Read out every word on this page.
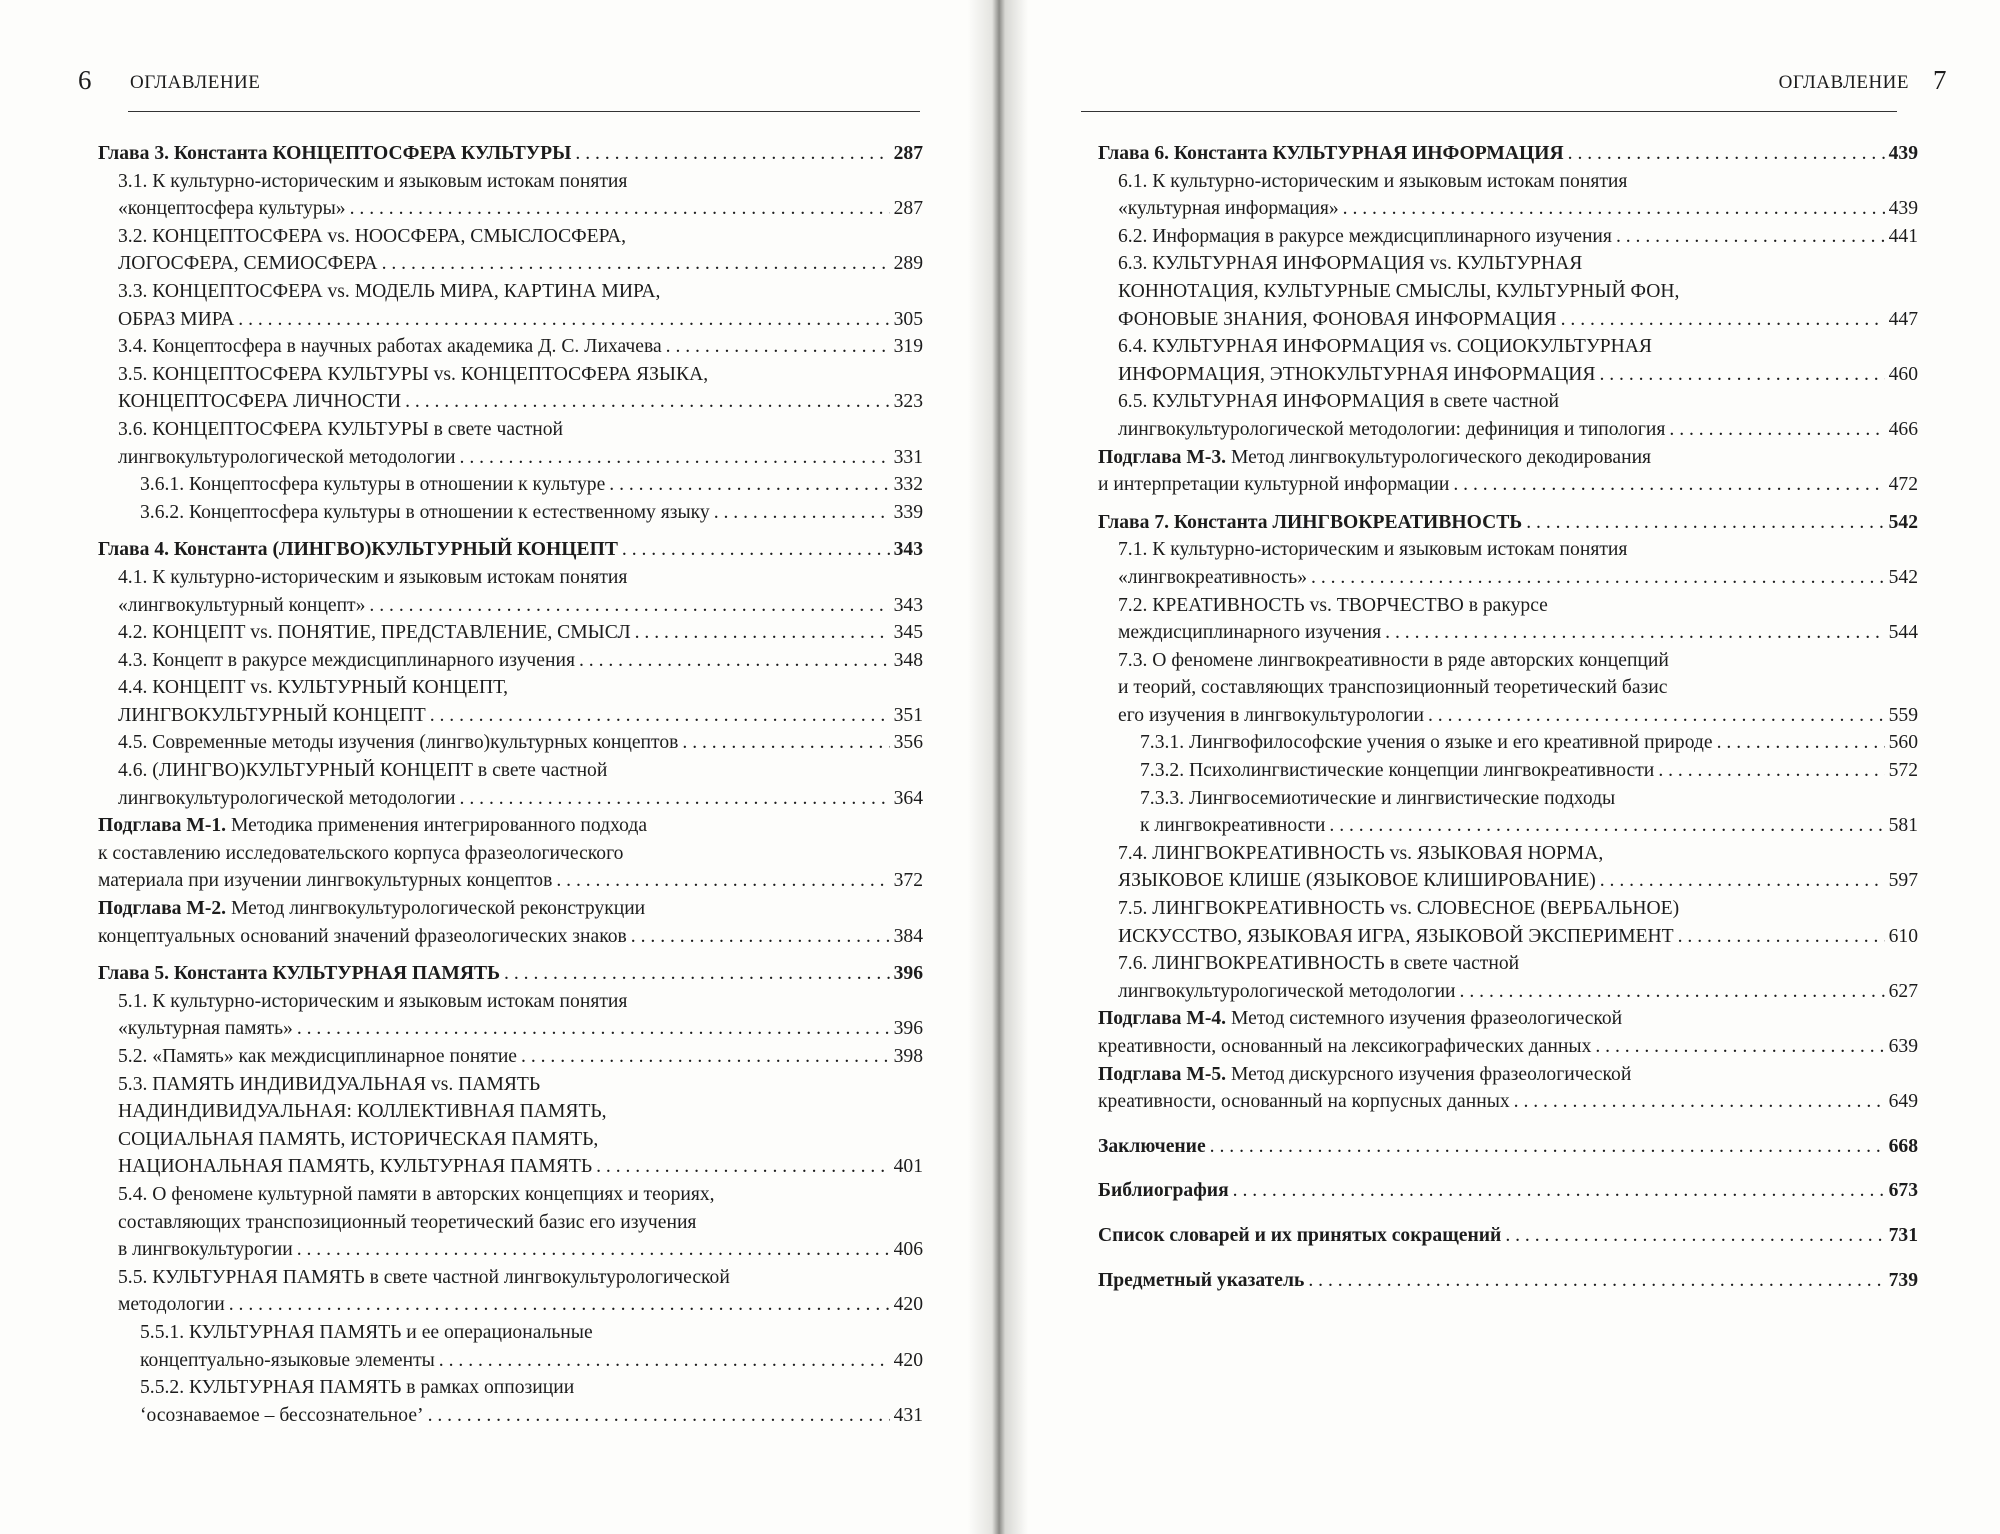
6 ОГЛАВЛЕНИЕ
Глава 3. Константа КОНЦЕПТОСФЕРА КУЛЬТУРЫ . . .	287
3.1. К культурно-историческим и языковым истокам понятия
«концептосфера культуры» . . .	287
3.2. КОНЦЕПТОСФЕРА vs. НООСФЕРА, СМЫСЛОСФЕРА,
ЛОГОСФЕРА, СЕМИОСФЕРА . . .	289
3.3. КОНЦЕПТОСФЕРА vs. МОДЕЛЬ МИРА, КАРТИНА МИРА,
ОБРАЗ МИРА . . .	305
3.4. Концептосфера в научных работах академика Д. С. Лихачева . . .	319
3.5. КОНЦЕПТОСФЕРА КУЛЬТУРЫ vs. КОНЦЕПТОСФЕРА ЯЗЫКА,
КОНЦЕПТОСФЕРА ЛИЧНОСТИ . . .	323
3.6. КОНЦЕПТОСФЕРА КУЛЬТУРЫ в свете частной
лингвокультурологической методологии . . .	331
3.6.1. Концептосфера культуры в отношении к культуре . . .	332
3.6.2. Концептосфера культуры в отношении к естественному языку . . .	339
Глава 4. Константа (ЛИНГВО)КУЛЬТУРНЫЙ КОНЦЕПТ . . .	343
4.1. К культурно-историческим и языковым истокам понятия
«лингвокультурный концепт» . . .	343
4.2. КОНЦЕПТ vs. ПОНЯТИЕ, ПРЕДСТАВЛЕНИЕ, СМЫСЛ . . .	345
4.3. Концепт в ракурсе междисциплинарного изучения . . .	348
4.4. КОНЦЕПТ vs. КУЛЬТУРНЫЙ КОНЦЕПТ,
ЛИНГВОКУЛЬТУРНЫЙ КОНЦЕПТ . . .	351
4.5. Современные методы изучения (лингво)культурных концептов . . .	356
4.6. (ЛИНГВО)КУЛЬТУРНЫЙ КОНЦЕПТ в свете частной
лингвокультурологической методологии . . .	364
Подглава М-1. Методика применения интегрированного подхода
к составлению исследовательского корпуса фразеологического
материала при изучении лингвокультурных концептов . . .	372
Подглава М-2. Метод лингвокультурологической реконструкции
концептуальных оснований значений фразеологических знаков . . .	384
Глава 5. Константа КУЛЬТУРНАЯ ПАМЯТЬ . . .	396
5.1. К культурно-историческим и языковым истокам понятия
«культурная память» . . .	396
5.2. «Память» как междисциплинарное понятие . . .	398
5.3. ПАМЯТЬ ИНДИВИДУАЛЬНАЯ vs. ПАМЯТЬ
НАДИНДИВИДУАЛЬНАЯ: КОЛЛЕКТИВНАЯ ПАМЯТЬ,
СОЦИАЛЬНАЯ ПАМЯТЬ, ИСТОРИЧЕСКАЯ ПАМЯТЬ,
НАЦИОНАЛЬНАЯ ПАМЯТЬ, КУЛЬТУРНАЯ ПАМЯТЬ . . .	401
5.4. О феномене культурной памяти в авторских концепциях и теориях,
составляющих транспозиционный теоретический базис его изучения
в лингвокультурогии . . .	406
5.5. КУЛЬТУРНАЯ ПАМЯТЬ в свете частной лингвокультурологической
методологии . . .	420
5.5.1. КУЛЬТУРНАЯ ПАМЯТЬ и ее операциональные
концептуально-языковые элементы . . .	420
5.5.2. КУЛЬТУРНАЯ ПАМЯТЬ в рамках оппозиции
‘осознаваемое – бессознательное’ . . .	431
ОГЛАВЛЕНИЕ 7
Глава 6. Константа КУЛЬТУРНАЯ ИНФОРМАЦИЯ . . .	439
6.1. К культурно-историческим и языковым истокам понятия
«культурная информация» . . .	439
6.2. Информация в ракурсе междисциплинарного изучения . . .	441
6.3. КУЛЬТУРНАЯ ИНФОРМАЦИЯ vs. КУЛЬТУРНАЯ
КОННОТАЦИЯ, КУЛЬТУРНЫЕ СМЫСЛЫ, КУЛЬТУРНЫЙ ФОН,
ФОНОВЫЕ ЗНАНИЯ, ФОНОВАЯ ИНФОРМАЦИЯ . . .	447
6.4. КУЛЬТУРНАЯ ИНФОРМАЦИЯ vs. СОЦИОКУЛЬТУРНАЯ
ИНФОРМАЦИЯ, ЭТНОКУЛЬТУРНАЯ ИНФОРМАЦИЯ . . .	460
6.5. КУЛЬТУРНАЯ ИНФОРМАЦИЯ в свете частной
лингвокультурологической методологии: дефиниция и типология . . .	466
Подглава М-3. Метод лингвокультурологического декодирования
и интерпретации культурной информации . . .	472
Глава 7. Константа ЛИНГВОКРЕАТИВНОСТЬ . . .	542
7.1. К культурно-историческим и языковым истокам понятия
«лингвокреативность» . . .	542
7.2. КРЕАТИВНОСТЬ vs. ТВОРЧЕСТВО в ракурсе
междисциплинарного изучения . . .	544
7.3. О феномене лингвокреативности в ряде авторских концепций
и теорий, составляющих транспозиционный теоретический базис
его изучения в лингвокультурологии . . .	559
7.3.1. Лингвофилософские учения о языке и его креативной природе . . .	560
7.3.2. Психолингвистические концепции лингвокреативности . . .	572
7.3.3. Лингвосемиотические и лингвистические подходы
к лингвокреативности . . .	581
7.4. ЛИНГВОКРЕАТИВНОСТЬ vs. ЯЗЫКОВАЯ НОРМА,
ЯЗЫКОВОЕ КЛИШЕ (ЯЗЫКОВОЕ КЛИШИРОВАНИЕ) . . .	597
7.5. ЛИНГВОКРЕАТИВНОСТЬ vs. СЛОВЕСНОЕ (ВЕРБАЛЬНОЕ)
ИСКУССТВО, ЯЗЫКОВАЯ ИГРА, ЯЗЫКОВОЙ ЭКСПЕРИМЕНТ . . .	610
7.6. ЛИНГВОКРЕАТИВНОСТЬ в свете частной
лингвокультурологической методологии . . .	627
Подглава М-4. Метод системного изучения фразеологической
креативности, основанный на лексикографических данных . . .	639
Подглава М-5. Метод дискурсного изучения фразеологической
креативности, основанный на корпусных данных . . .	649
Заключение . . .	668
Библиография . . .	673
Список словарей и их принятых сокращений . . .	731
Предметный указатель . . .	739
